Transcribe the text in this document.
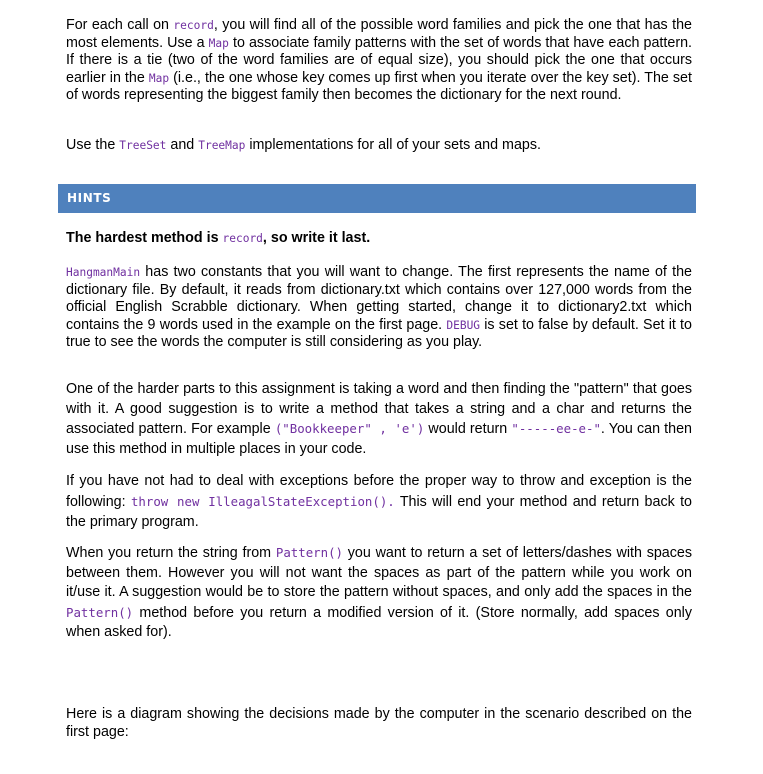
For each call on record, you will find all of the possible word families and pick the one that has the most elements. Use a Map to associate family patterns with the set of words that have each pattern. If there is a tie (two of the word families are of equal size), you should pick the one that occurs earlier in the Map (i.e., the one whose key comes up first when you iterate over the key set). The set of words representing the biggest family then becomes the dictionary for the next round.

Use the TreeSet and TreeMap implementations for all of your sets and maps.

HINTS

The hardest method is record, so write it last.

HangmanMain has two constants that you will want to change. The first represents the name of the dictionary file. By default, it reads from dictionary.txt which contains over 127,000 words from the official English Scrabble dictionary. When getting started, change it to dictionary2.txt which contains the 9 words used in the example on the first page. DEBUG is set to false by default. Set it to true to see the words the computer is still considering as you play.

One of the harder parts to this assignment is taking a word and then finding the "pattern" that goes with it. A good suggestion is to write a method that takes a string and a char and returns the associated pattern. For example ("Bookkeeper" , 'e') would return "-----ee-e-". You can then use this method in multiple places in your code.

If you have not had to deal with exceptions before the proper way to throw and exception is the following: throw new IlleagalStateException(). This will end your method and return back to the primary program.

When you return the string from Pattern() you want to return a set of letters/dashes with spaces between them. However you will not want the spaces as part of the pattern while you work on it/use it. A suggestion would be to store the pattern without spaces, and only add the spaces in the Pattern() method before you return a modified version of it. (Store normally, add spaces only when asked for).

Here is a diagram showing the decisions made by the computer in the scenario described on the first page:
